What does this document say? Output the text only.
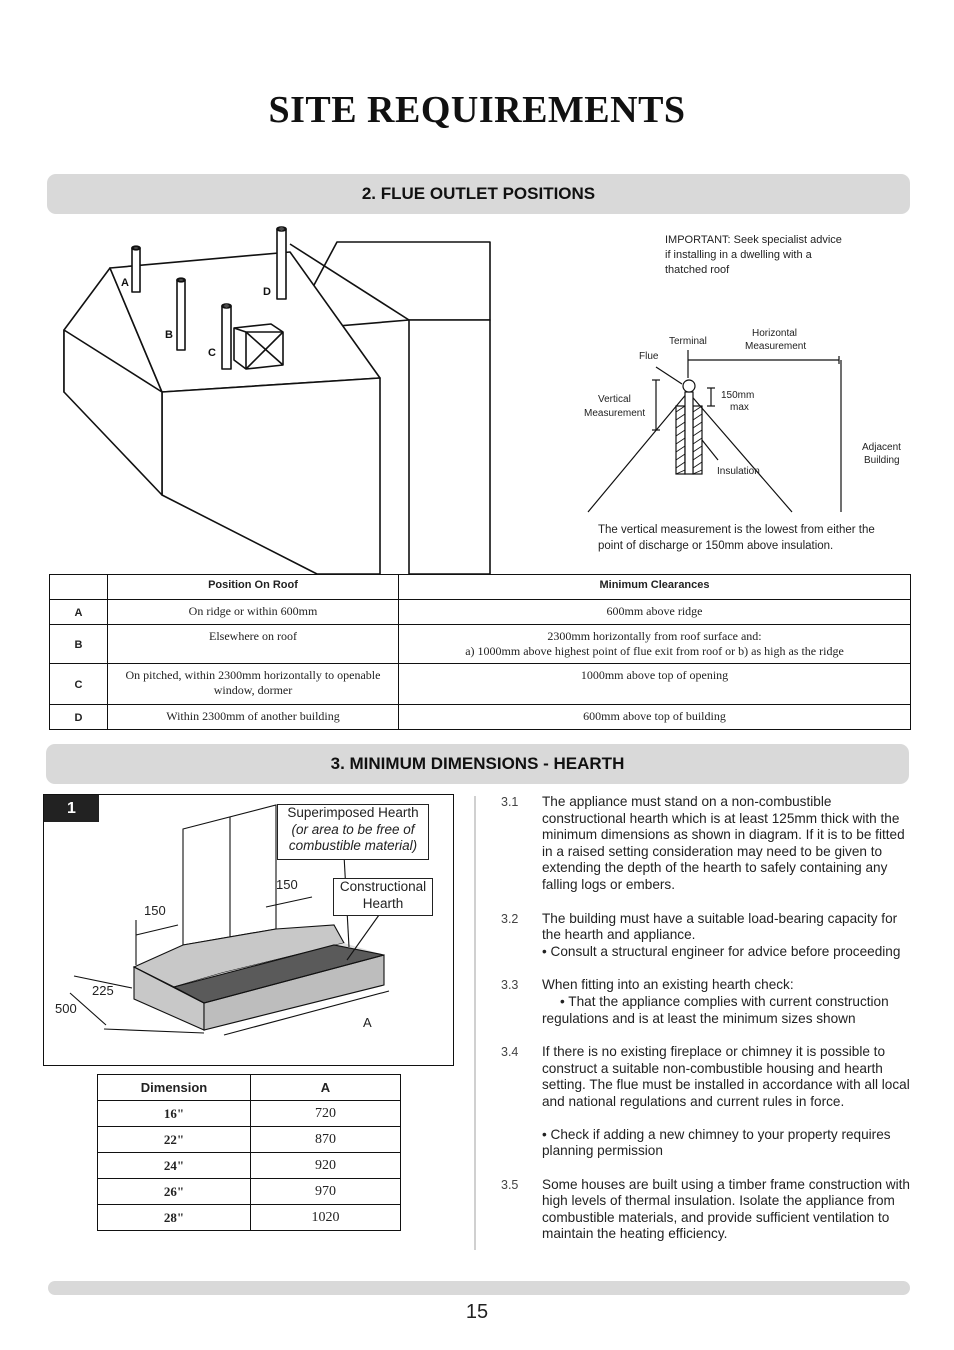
SITE REQUIREMENTS
2. FLUE OUTLET POSITIONS
A
B
C
D
IMPORTANT: Seek specialist advice if installing in a dwelling with a thatched roof
Terminal
Horizontal
Measurement
Flue
Vertical
Measurement
150mm
max
Adjacent
Building
Insulation
The vertical measurement is the lowest from either the point of discharge or 150mm above insulation.
	Position On Roof	Minimum Clearances
A	On ridge or within 600mm	600mm above ridge
B	Elsewhere on roof	2300mm horizontally from roof surface and:
a) 1000mm above highest point of flue exit from roof or b) as high as the ridge

C	On pitched, within 2300mm horizontally to openable window, dormer	1000mm above top of opening
D	Within 2300mm of another building	600mm above top of building
3. MINIMUM DIMENSIONS - HEARTH
1	Superimposed Hearth
(or area to be free of
combustible material)
Constructional
Hearth
150
150
225
500
A
Dimension	A
16"	720
22"	870
24"	920
26"	970
28"	1020
3.1	The appliance must stand on a non-combustible constructional hearth which is at least 125mm thick with the minimum dimensions as shown in diagram. If it is to be fitted in a raised setting consideration may need to be given to extending the depth of the hearth to safely containing any falling logs or embers.

3.2	The building must have a suitable load-bearing capacity for the hearth and appliance.

• Consult a structural engineer for advice before proceeding

3.3	When fitting into an existing hearth check:

• That the appliance complies with current construction regulations and is at least the minimum sizes shown

3.4	If there is no existing fireplace or chimney it is possible to construct a suitable non-combustible housing and hearth setting. The flue must be installed in accordance with all local and national regulations and current rules in force.

• Check if adding a new chimney to your property requires planning permission

3.5	Some houses are built using a timber frame construction with high levels of thermal insulation. Isolate the appliance from combustible materials, and provide sufficient ventilation to maintain the heating efficiency.

15
